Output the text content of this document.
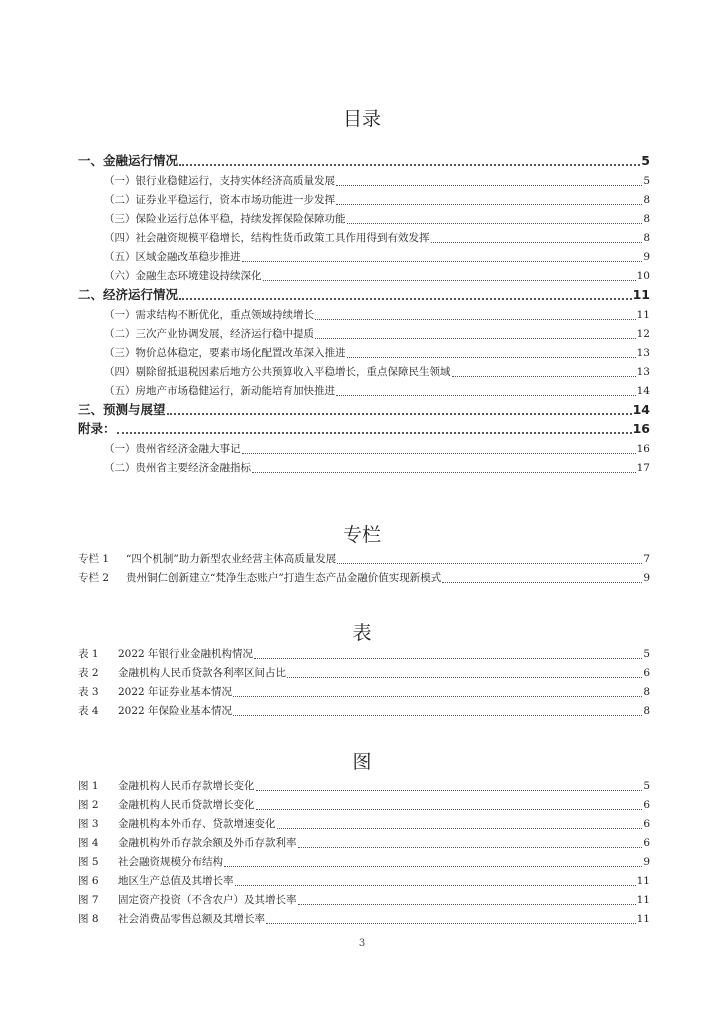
目录
一、金融运行情况	5
（一）银行业稳健运行，支持实体经济高质量发展	5
（二）证券业平稳运行，资本市场功能进一步发挥	8
（三）保险业运行总体平稳，持续发挥保险保障功能	8
（四）社会融资规模平稳增长，结构性货币政策工具作用得到有效发挥	8
（五）区域金融改革稳步推进	9
（六）金融生态环境建设持续深化	10
二、经济运行情况	11
（一）需求结构不断优化，重点领域持续增长	11
（二）三次产业协调发展，经济运行稳中提质	12
（三）物价总体稳定，要素市场化配置改革深入推进	13
（四）剔除留抵退税因素后地方公共预算收入平稳增长，重点保障民生领域	13
（五）房地产市场稳健运行，新动能培育加快推进	14
三、预测与展望	14
附录：	16
（一）贵州省经济金融大事记	16
（二）贵州省主要经济金融指标	17
专栏
专栏 1	“四个机制”助力新型农业经营主体高质量发展	7
专栏 2	贵州铜仁创新建立“梵净生态账户”打造生态产品金融价值实现新模式	9
表
表 1	2022 年银行业金融机构情况	5
表 2	金融机构人民币贷款各利率区间占比	6
表 3	2022 年证券业基本情况	8
表 4	2022 年保险业基本情况	8
图
图 1	金融机构人民币存款增长变化	5
图 2	金融机构人民币贷款增长变化	6
图 3	金融机构本外币存、贷款增速变化	6
图 4	金融机构外币存款余额及外币存款利率	6
图 5	社会融资规模分布结构	9
图 6	地区生产总值及其增长率	11
图 7	固定资产投资（不含农户）及其增长率	11
图 8	社会消费品零售总额及其增长率	11
3
